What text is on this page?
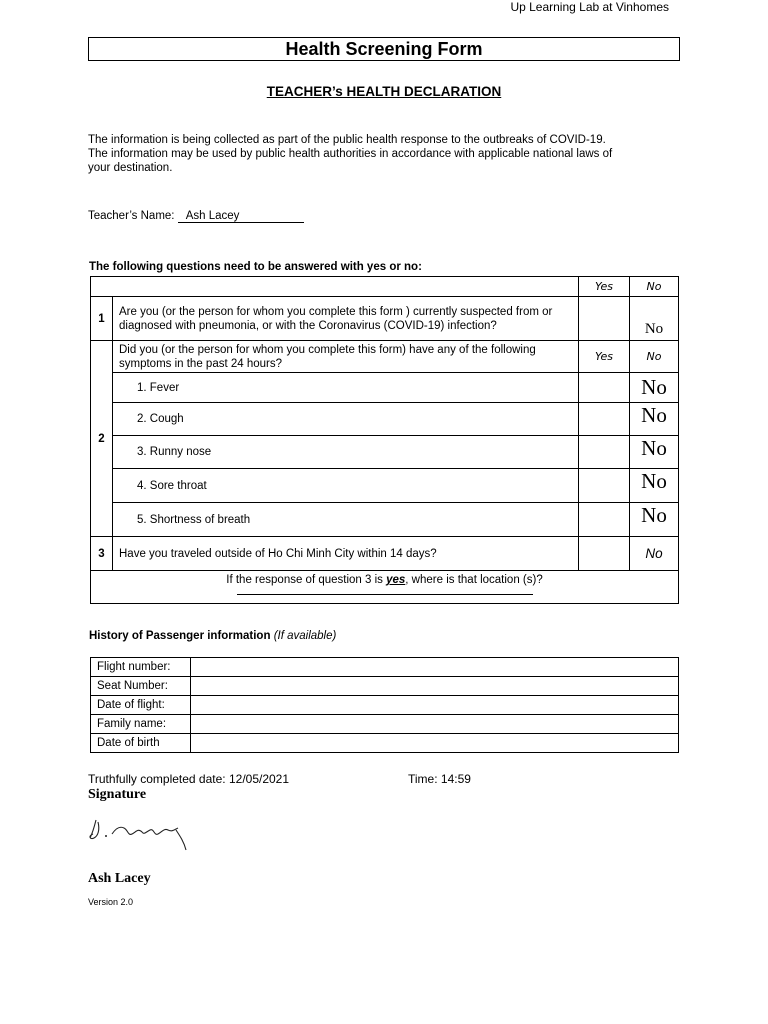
Up Learning Lab at Vinhomes
Health Screening Form
TEACHER’s HEALTH DECLARATION
The information is being collected as part of the public health response to the outbreaks of COVID-19.
The information may be used by public health authorities in accordance with applicable national laws of
your destination.
Teacher’s Name: Ash Lacey
The following questions need to be answered with yes or no:
		Yes	No
1	Are you (or the person for whom you complete this form ) currently suspected from or diagnosed with pneumonia, or with the Coronavirus (COVID-19) infection?		No
2	Did you (or the person for whom you complete this form) have any of the following symptoms in the past 24 hours?	Yes	No
	1. Fever		No
	2. Cough		No
	3. Runny nose		No
	4. Sore throat		No
	5. Shortness of breath		No
3	Have you traveled outside of Ho Chi Minh City within 14 days?		No
If the response of question 3 is yes, where is that location (s)?			

History of Passenger information (If available)
Flight number:	
Seat Number:	
Date of flight:	
Family name:	
Date of birth	
Truthfully completed date: 12/05/2021	Time: 14:59
Signature
Ash Lacey
Version 2.0
